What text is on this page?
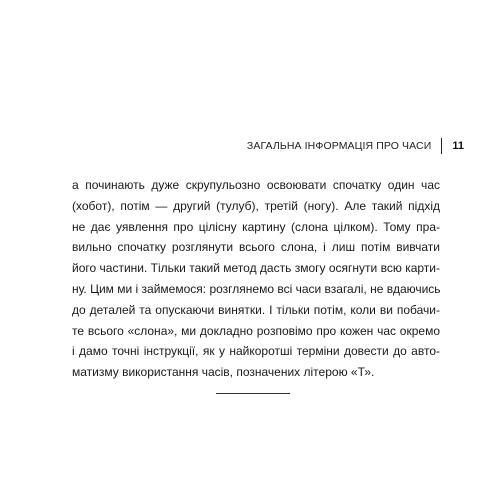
ЗАГАЛЬНА ІНФОРМАЦІЯ ПРО ЧАСИ 11
а починають дуже скрупульозно освоювати спочатку один час
(хобот), потім — другий (тулуб), третій (ногу). Але такий підхід
не дає уявлення про цілісну картину (слона цілком). Тому пра-
вильно спочатку розглянути всього слона, і лиш потім вивчати
його частини. Тільки такий метод дасть змогу осягнути всю карти-
ну. Цим ми і займемося: розглянемо всі часи взагалі, не вдаючись
до деталей та опускаючи винятки. І тільки потім, коли ви побачи-
те всього «слона», ми докладно розповімо про кожен час окремо
і дамо точні інструкції, як у найкоротші терміни довести до авто-
матизму використання часів, позначених літерою «Т».
